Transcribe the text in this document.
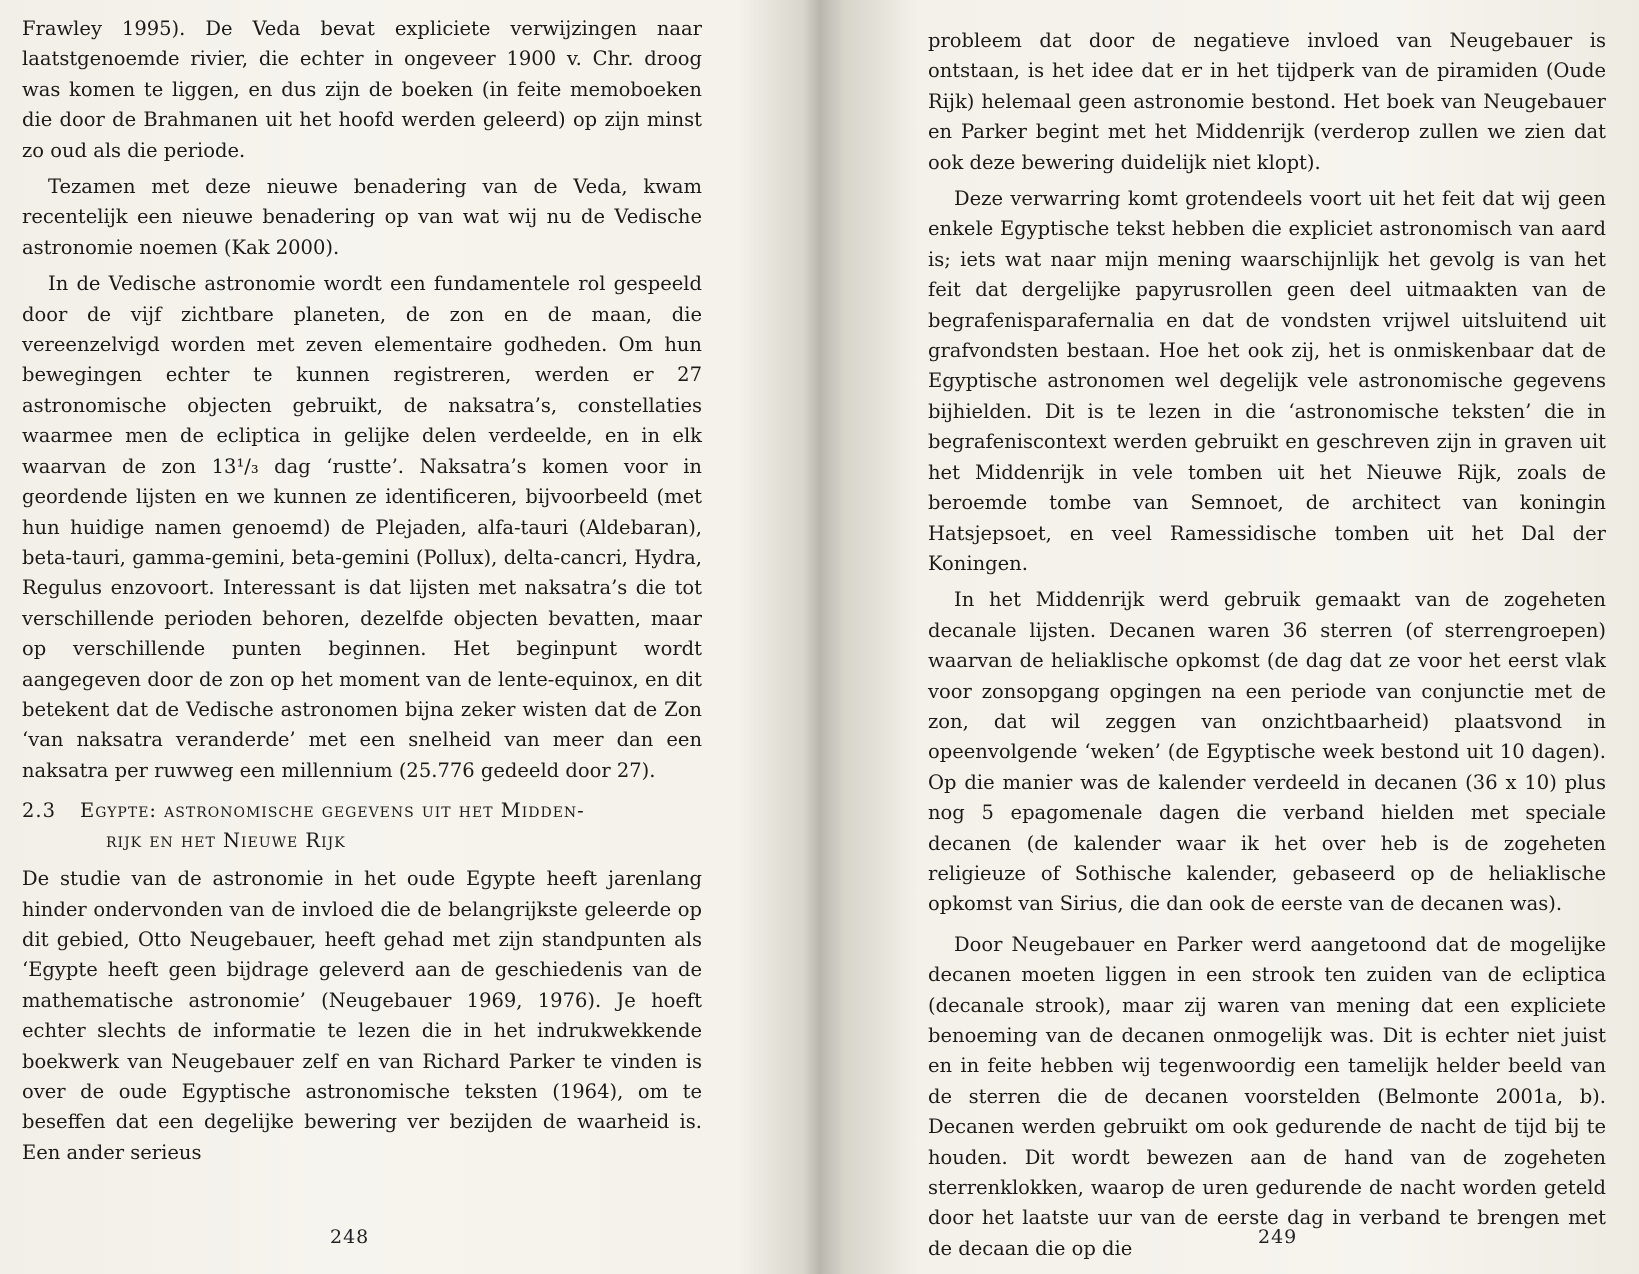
Frawley 1995). De Veda bevat expliciete verwijzingen naar laatstgenoemde rivier, die echter in ongeveer 1900 v. Chr. droog was komen te liggen, en dus zijn de boeken (in feite memoboeken die door de Brahmanen uit het hoofd werden geleerd) op zijn minst zo oud als die periode.

Tezamen met deze nieuwe benadering van de Veda, kwam recentelijk een nieuwe benadering op van wat wij nu de Vedische astronomie noemen (Kak 2000).

In de Vedische astronomie wordt een fundamentele rol gespeeld door de vijf zichtbare planeten, de zon en de maan, die vereenzelvigd worden met zeven elementaire godheden. Om hun bewegingen echter te kunnen registreren, werden er 27 astronomische objecten gebruikt, de naksatra’s, constellaties waarmee men de ecliptica in gelijke delen verdeelde, en in elk waarvan de zon 13¹/₃ dag ‘rustte’. Naksatra’s komen voor in geordende lijsten en we kunnen ze identificeren, bijvoorbeeld (met hun huidige namen genoemd) de Plejaden, alfa-tauri (Aldebaran), beta-tauri, gamma-gemini, beta-gemini (Pollux), delta-cancri, Hydra, Regulus enzovoort. Interessant is dat lijsten met naksatra’s die tot verschillende perioden behoren, dezelfde objecten bevatten, maar op verschillende punten beginnen. Het beginpunt wordt aangegeven door de zon op het moment van de lente-equinox, en dit betekent dat de Vedische astronomen bijna zeker wisten dat de Zon ‘van naksatra veranderde’ met een snelheid van meer dan een naksatra per ruwweg een millennium (25.776 gedeeld door 27).

2.3 Egypte: astronomische gegevens uit het Midden-
rijk en het Nieuwe Rijk

De studie van de astronomie in het oude Egypte heeft jarenlang hinder ondervonden van de invloed die de belangrijkste geleerde op dit gebied, Otto Neugebauer, heeft gehad met zijn standpunten als ‘Egypte heeft geen bijdrage geleverd aan de geschiedenis van de mathematische astronomie’ (Neugebauer 1969, 1976). Je hoeft echter slechts de informatie te lezen die in het indrukwekkende boekwerk van Neugebauer zelf en van Richard Parker te vinden is over de oude Egyptische astronomische teksten (1964), om te beseffen dat een degelijke bewering ver bezijden de waarheid is. Een ander serieus

248

probleem dat door de negatieve invloed van Neugebauer is ontstaan, is het idee dat er in het tijdperk van de piramiden (Oude Rijk) helemaal geen astronomie bestond. Het boek van Neugebauer en Parker begint met het Middenrijk (verderop zullen we zien dat ook deze bewering duidelijk niet klopt).

Deze verwarring komt grotendeels voort uit het feit dat wij geen enkele Egyptische tekst hebben die expliciet astronomisch van aard is; iets wat naar mijn mening waarschijnlijk het gevolg is van het feit dat dergelijke papyrusrollen geen deel uitmaakten van de begrafenisparafernalia en dat de vondsten vrijwel uitsluitend uit grafvondsten bestaan. Hoe het ook zij, het is onmiskenbaar dat de Egyptische astronomen wel degelijk vele astronomische gegevens bijhielden. Dit is te lezen in die ‘astronomische teksten’ die in begrafeniscontext werden gebruikt en geschreven zijn in graven uit het Middenrijk in vele tomben uit het Nieuwe Rijk, zoals de beroemde tombe van Semnoet, de architect van koningin Hatsjepsoet, en veel Ramessidische tomben uit het Dal der Koningen.

In het Middenrijk werd gebruik gemaakt van de zogeheten decanale lijsten. Decanen waren 36 sterren (of sterrengroepen) waarvan de heliaklische opkomst (de dag dat ze voor het eerst vlak voor zonsopgang opgingen na een periode van conjunctie met de zon, dat wil zeggen van onzichtbaarheid) plaatsvond in opeenvolgende ‘weken’ (de Egyptische week bestond uit 10 dagen). Op die manier was de kalender verdeeld in decanen (36 x 10) plus nog 5 epagomenale dagen die verband hielden met speciale decanen (de kalender waar ik het over heb is de zogeheten religieuze of Sothische kalender, gebaseerd op de heliaklische opkomst van Sirius, die dan ook de eerste van de decanen was).

Door Neugebauer en Parker werd aangetoond dat de mogelijke decanen moeten liggen in een strook ten zuiden van de ecliptica (decanale strook), maar zij waren van mening dat een expliciete benoeming van de decanen onmogelijk was. Dit is echter niet juist en in feite hebben wij tegenwoordig een tamelijk helder beeld van de sterren die de decanen voorstelden (Belmonte 2001a, b). Decanen werden gebruikt om ook gedurende de nacht de tijd bij te houden. Dit wordt bewezen aan de hand van de zogeheten sterrenklokken, waarop de uren gedurende de nacht worden geteld door het laatste uur van de eerste dag in verband te brengen met de decaan die op die	249
